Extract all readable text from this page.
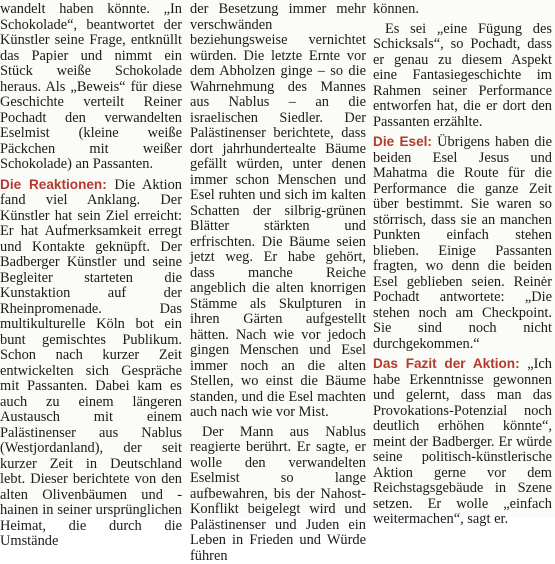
wandelt haben könnte. „In Schokolade“, beantwortet der Künstler seine Frage, entknüllt das Papier und nimmt ein Stück weiße Schokolade heraus. Als „Beweis“ für diese Geschichte verteilt Reiner Pochadt den verwandelten Eselmist (kleine weiße Päckchen mit weißer Schokolade) an Passanten.

Die Reaktionen: Die Aktion fand viel Anklang. Der Künstler hat sein Ziel erreicht: Er hat Aufmerksamkeit erregt und Kontakte geknüpft. Der Badberger Künstler und seine Begleiter starteten die Kunstaktion auf der Rheinpromenade. Das multikulturelle Köln bot ein bunt gemischtes Publikum. Schon nach kurzer Zeit entwickelten sich Gespräche mit Passanten. Dabei kam es auch zu einem längeren Austausch mit einem Palästinenser aus Nablus (Westjordanland), der seit kurzer Zeit in Deutschland lebt. Dieser berichtete von den alten Olivenbäumen und -hainen in seiner ursprünglichen Heimat, die durch die Umstände

der Besetzung immer mehr verschwänden beziehungsweise vernichtet würden. Die letzte Ernte vor dem Abholzen ginge – so die Wahrnehmung des Mannes aus Nablus – an die israelischen Siedler. Der Palästinenser berichtete, dass dort jahrhundertealte Bäume gefällt würden, unter denen immer schon Menschen und Esel ruhten und sich im kalten Schatten der silbrig-grünen Blätter stärkten und erfrischten. Die Bäume seien jetzt weg. Er habe gehört, dass manche Reiche angeblich die alten knorrigen Stämme als Skulpturen in ihren Gärten aufgestellt hätten. Nach wie vor jedoch gingen Menschen und Esel immer noch an die alten Stellen, wo einst die Bäume standen, und die Esel machten auch nach wie vor Mist.

Der Mann aus Nablus reagierte berührt. Er sagte, er wolle den verwandelten Eselmist so lange aufbewahren, bis der Nahost-Konflikt beigelegt wird und Palästinenser und Juden ein Leben in Frieden und Würde führen

können.

Es sei „eine Fügung des Schicksals“, so Pochadt, dass er genau zu diesem Aspekt eine Fantasiegeschichte im Rahmen seiner Performance entworfen hat, die er dort den Passanten erzählte.

Die Esel: Übrigens haben die beiden Esel Jesus und Mahatma die Route für die Performance die ganze Zeit über bestimmt. Sie waren so störrisch, dass sie an manchen Punkten einfach stehen blieben. Einige Passanten fragten, wo denn die beiden Esel geblieben seien. Reinėr Pochadt antwortete: „Die stehen noch am Checkpoint. Sie sind noch nicht durchgekommen.“

Das Fazit der Aktion: „Ich habe Erkenntnisse gewonnen und gelernt, dass man das Provokations-Potenzial noch deutlich erhöhen könnte“, meint der Badberger. Er würde seine politisch-künstlerische Aktion gerne vor dem Reichstagsgebäude in Szene setzen. Er wolle „einfach weitermachen“, sagt er.
